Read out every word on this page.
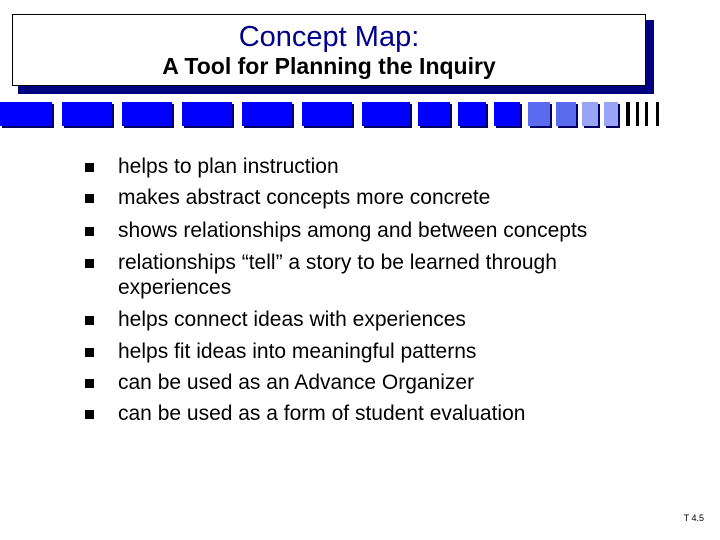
Concept Map:
A Tool for Planning the Inquiry
helps to plan instruction
makes abstract concepts more concrete
shows relationships among and between concepts
relationships “tell” a story to be learned through
experiences
helps connect ideas with experiences
helps fit ideas into meaningful patterns
can be used as an Advance Organizer
can be used as a form of student evaluation
T 4.5
